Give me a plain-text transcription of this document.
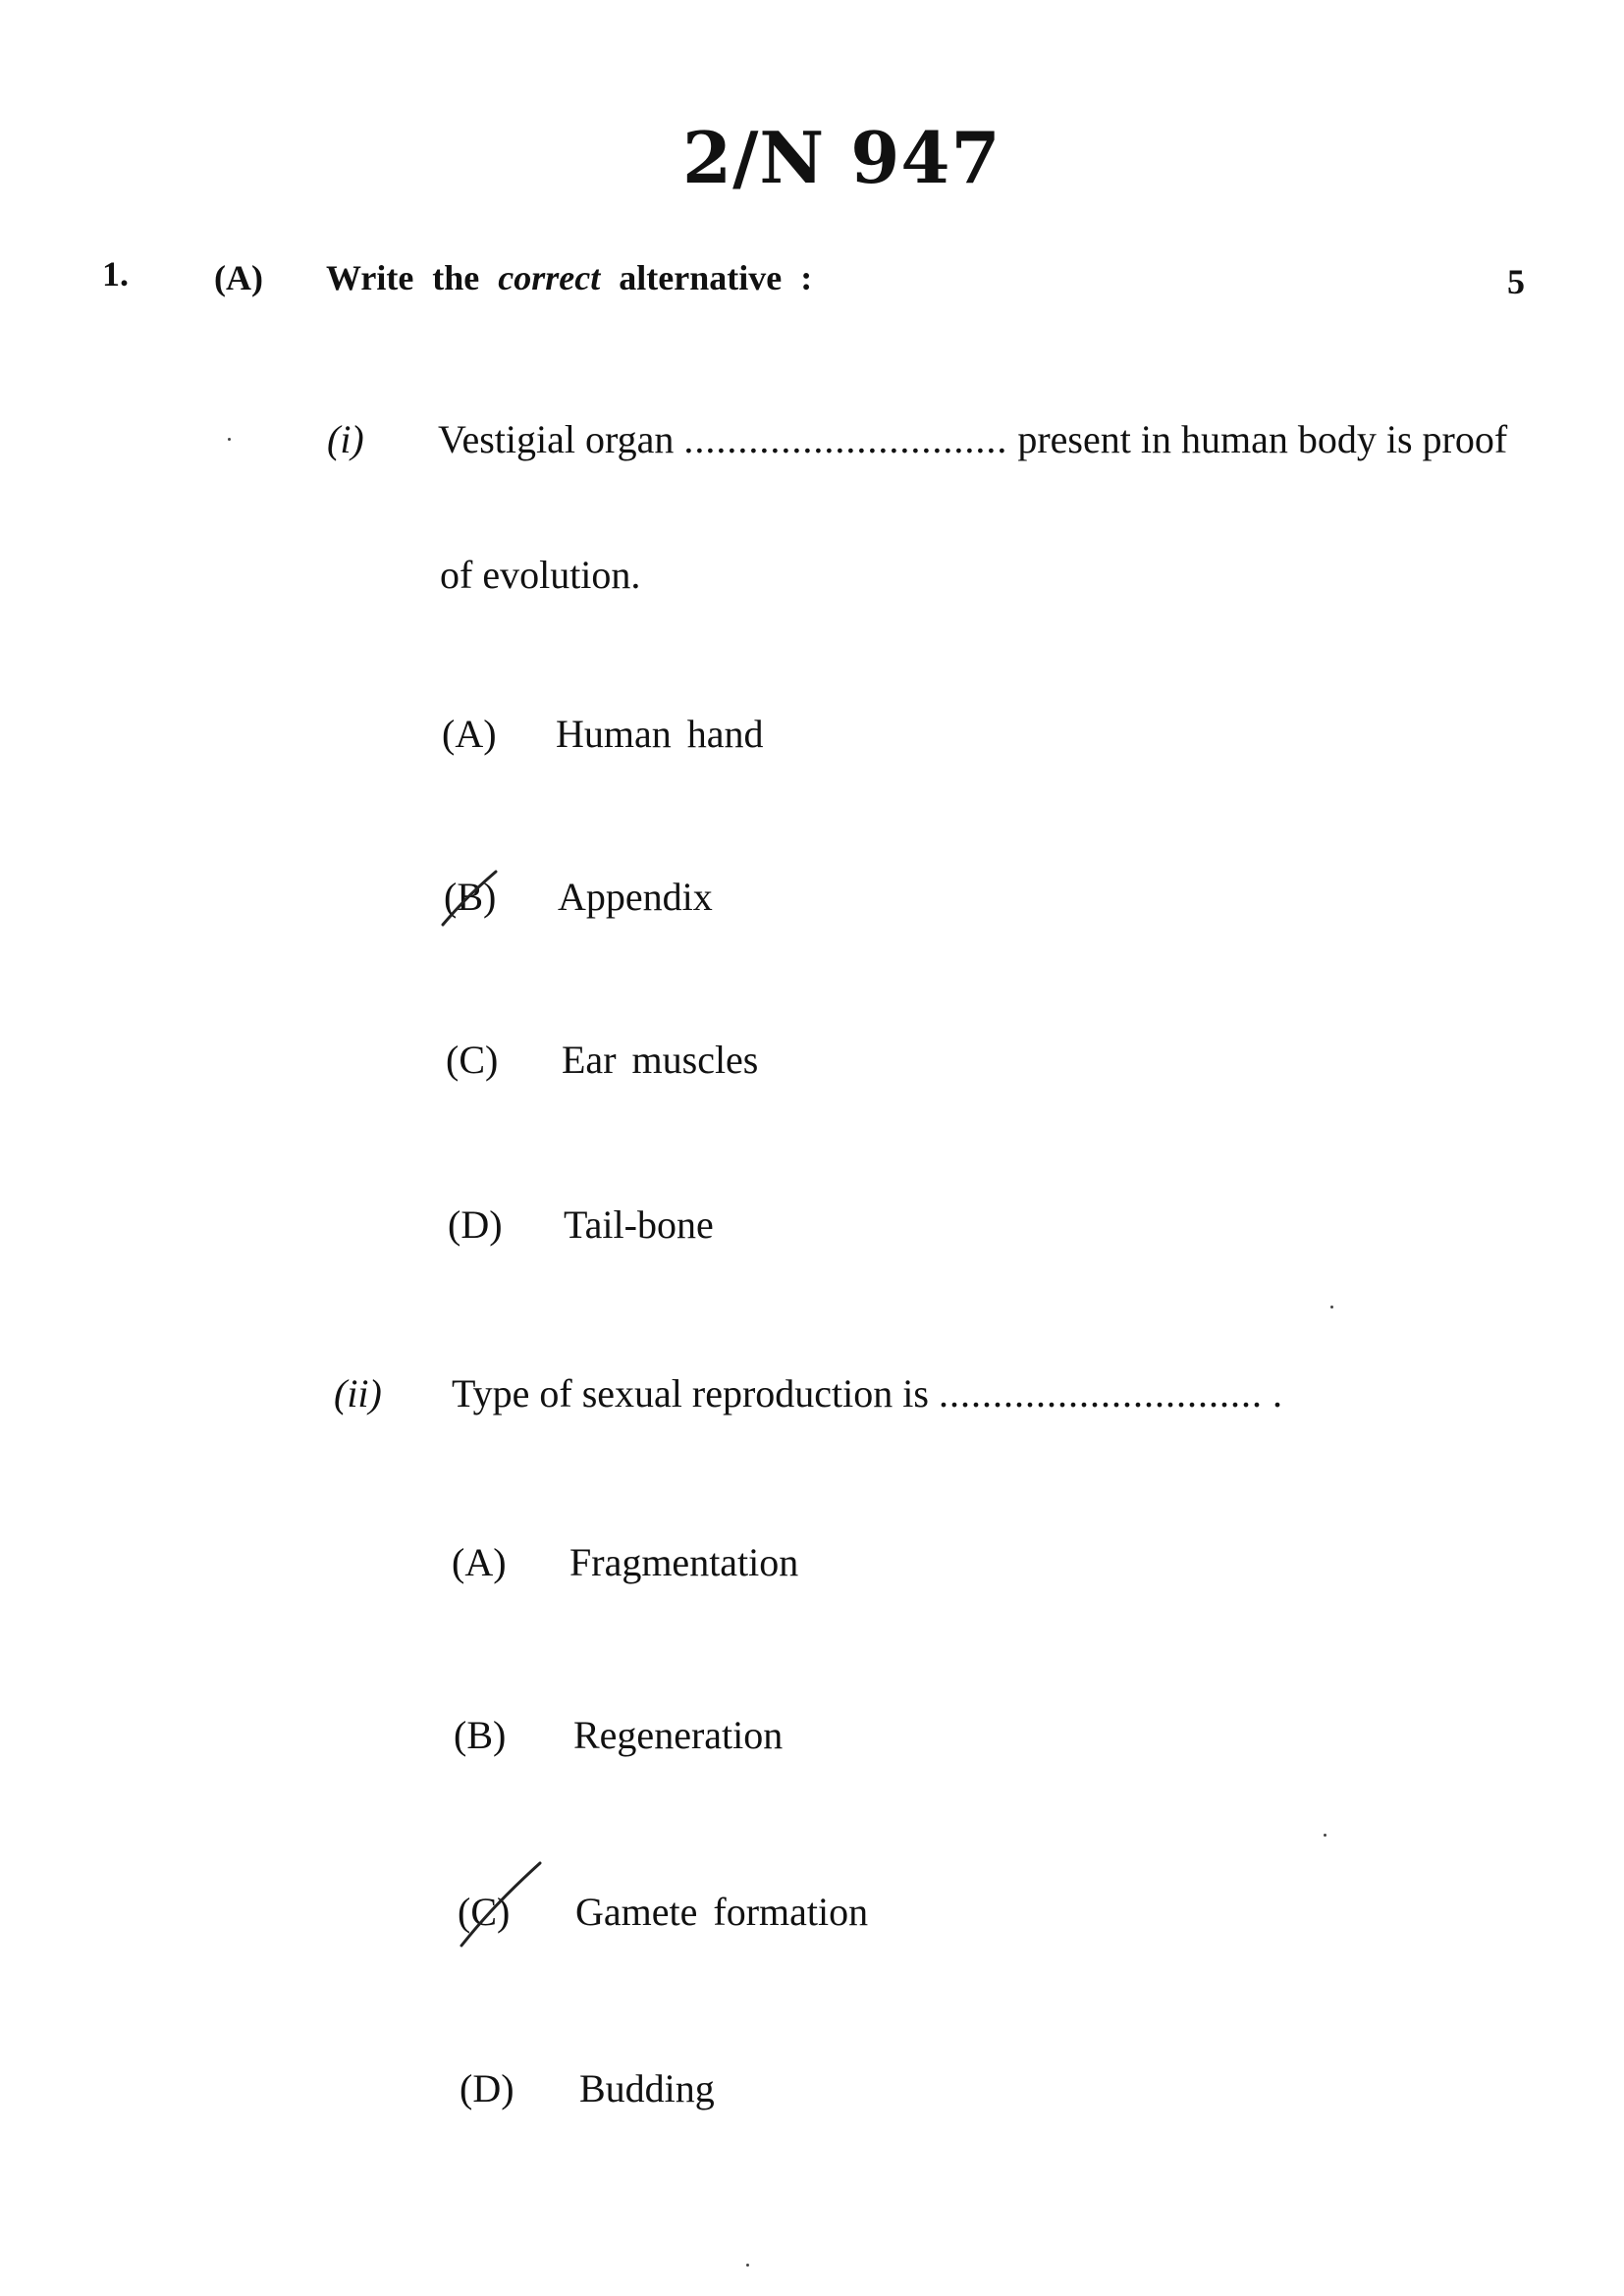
2/N 947
1. (A) Write the correct alternative :	5
(i) Vestigial organ .............................. present in human body is proof
of evolution.
(A) Human hand
(B) Appendix
(C) Ear muscles
(D) Tail-bone
(ii) Type of sexual reproduction is .............................. .
(A) Fragmentation
(B) Regeneration
(C) Gamete formation
(D) Budding
